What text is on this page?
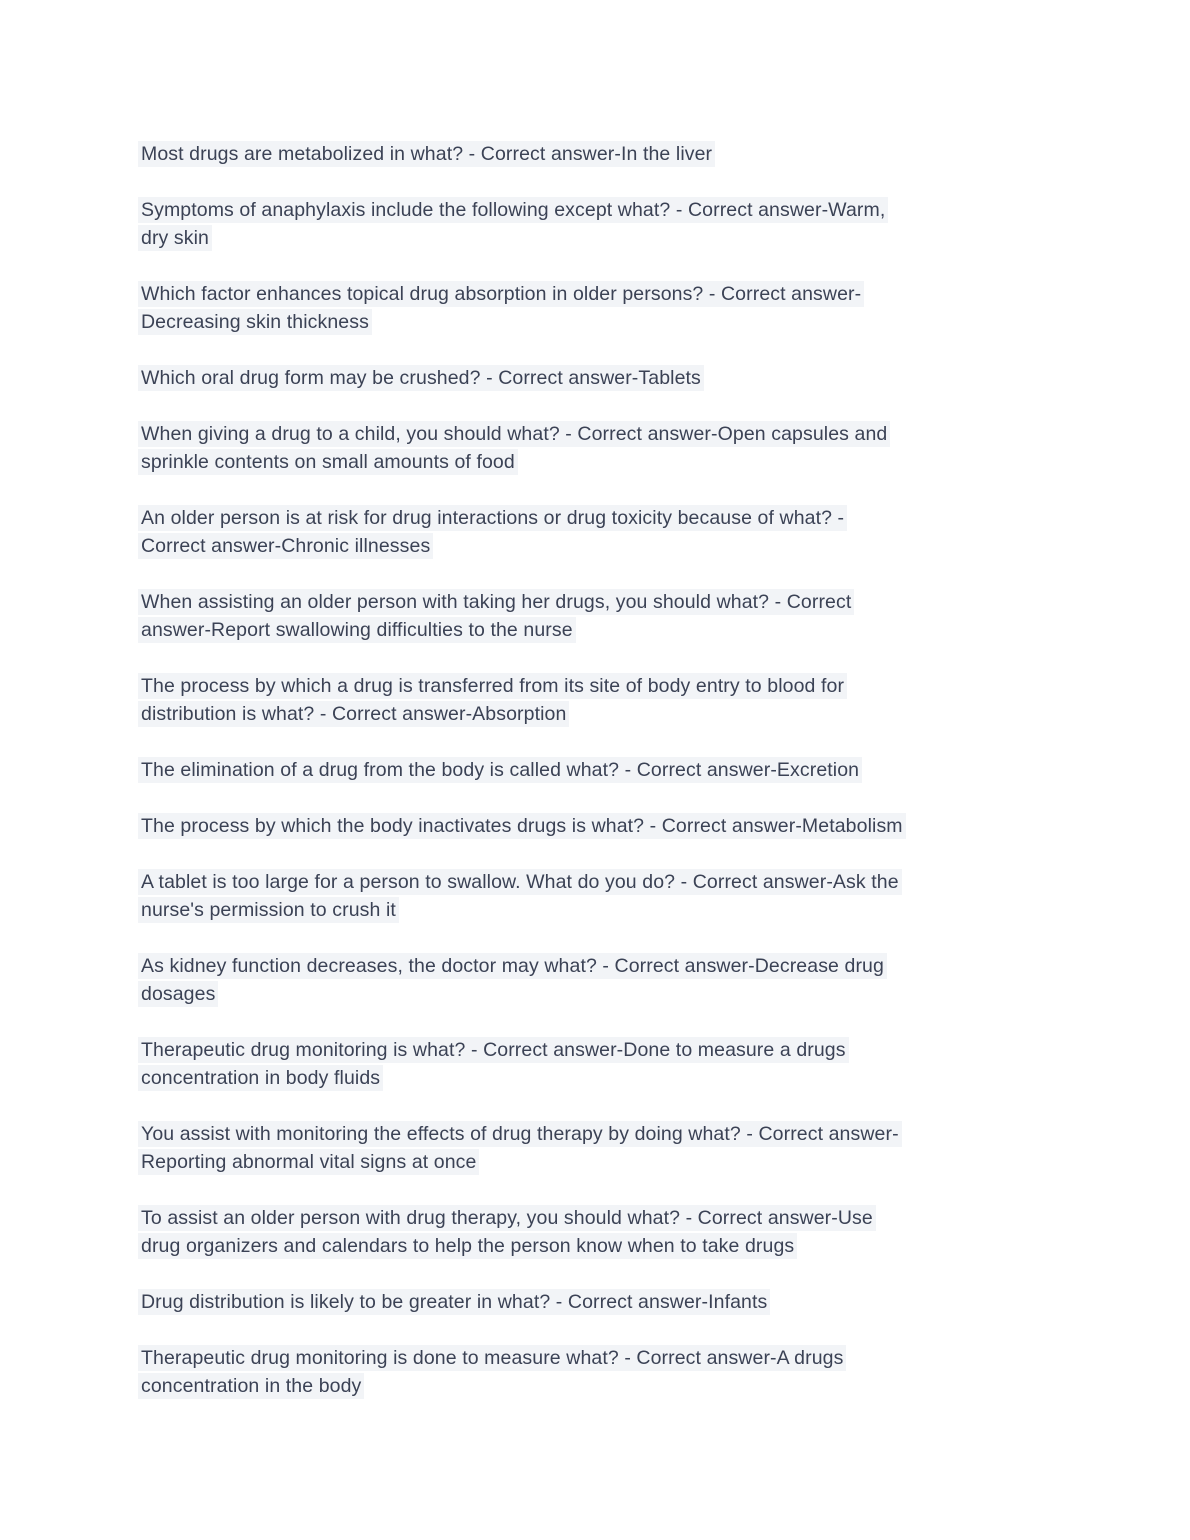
Most drugs are metabolized in what? - Correct answer-In the liver

Symptoms of anaphylaxis include the following except what? - Correct answer-Warm,
dry skin

Which factor enhances topical drug absorption in older persons? - Correct answer-
Decreasing skin thickness

Which oral drug form may be crushed? - Correct answer-Tablets

When giving a drug to a child, you should what? - Correct answer-Open capsules and
sprinkle contents on small amounts of food

An older person is at risk for drug interactions or drug toxicity because of what? -
Correct answer-Chronic illnesses

When assisting an older person with taking her drugs, you should what? - Correct
answer-Report swallowing difficulties to the nurse

The process by which a drug is transferred from its site of body entry to blood for
distribution is what? - Correct answer-Absorption

The elimination of a drug from the body is called what? - Correct answer-Excretion

The process by which the body inactivates drugs is what? - Correct answer-Metabolism

A tablet is too large for a person to swallow. What do you do? - Correct answer-Ask the
nurse's permission to crush it

As kidney function decreases, the doctor may what? - Correct answer-Decrease drug
dosages

Therapeutic drug monitoring is what? - Correct answer-Done to measure a drugs
concentration in body fluids

You assist with monitoring the effects of drug therapy by doing what? - Correct answer-
Reporting abnormal vital signs at once

To assist an older person with drug therapy, you should what? - Correct answer-Use
drug organizers and calendars to help the person know when to take drugs

Drug distribution is likely to be greater in what? - Correct answer-Infants

Therapeutic drug monitoring is done to measure what? - Correct answer-A drugs
concentration in the body
